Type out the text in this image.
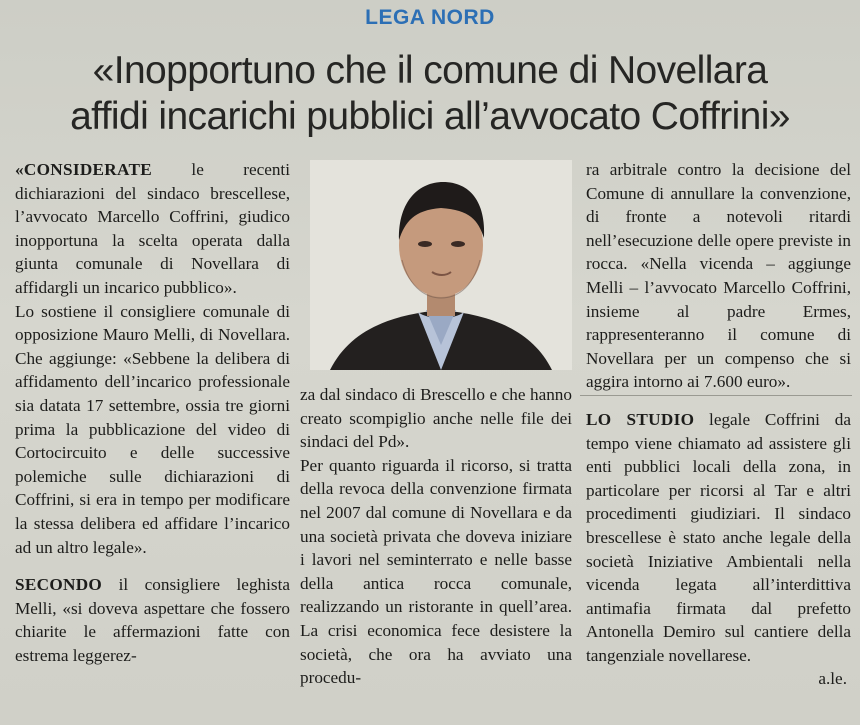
LEGA NORD
«Inopportuno che il comune di Novellara
affidi incarichi pubblici all’avvocato Coffrini»

«CONSIDERATE le recenti dichiarazioni del sindaco brescellese, l’avvocato Marcello Coffrini, giudico inopportuna la scelta operata dalla giunta comunale di Novellara di affidargli un incarico pubblico».

Lo sostiene il consigliere comunale di opposizione Mauro Melli, di Novellara. Che aggiunge: «Sebbene la delibera di affidamento dell’incarico professionale sia datata 17 settembre, ossia tre giorni prima la pubblicazione del video di Cortocircuito e delle successive polemiche sulle dichiarazioni di Coffrini, si era in tempo per modificare la stessa delibera ed affidare l’incarico ad un altro legale».

SECONDO il consigliere leghista Melli, «si doveva aspettare che fossero chiarite le affermazioni fatte con estrema leggerez-

za dal sindaco di Brescello e che hanno creato scompiglio anche nelle file dei sindaci del Pd».

Per quanto riguarda il ricorso, si tratta della revoca della convenzione firmata nel 2007 dal comune di Novellara e da una società privata che doveva iniziare i lavori nel seminterrato e nelle basse della antica rocca comunale, realizzando un ristorante in quell’area. La crisi economica fece desistere la società, che ora ha avviato una procedu-

ra arbitrale contro la decisione del Comune di annullare la convenzione, di fronte a notevoli ritardi nell’esecuzione delle opere previste in rocca. «Nella vicenda – aggiunge Melli – l’avvocato Marcello Coffrini, insieme al padre Ermes, rappresenteranno il comune di Novellara per un compenso che si aggira intorno ai 7.600 euro».

LO STUDIO legale Coffrini da tempo viene chiamato ad assistere gli enti pubblici locali della zona, in particolare per ricorsi al Tar e altri procedimenti giudiziari. Il sindaco brescellese è stato anche legale della società Iniziative Ambientali nella vicenda legata all’interdittiva antimafia firmata dal prefetto Antonella Demiro sul cantiere della tangenziale novellarese.

a.le.
